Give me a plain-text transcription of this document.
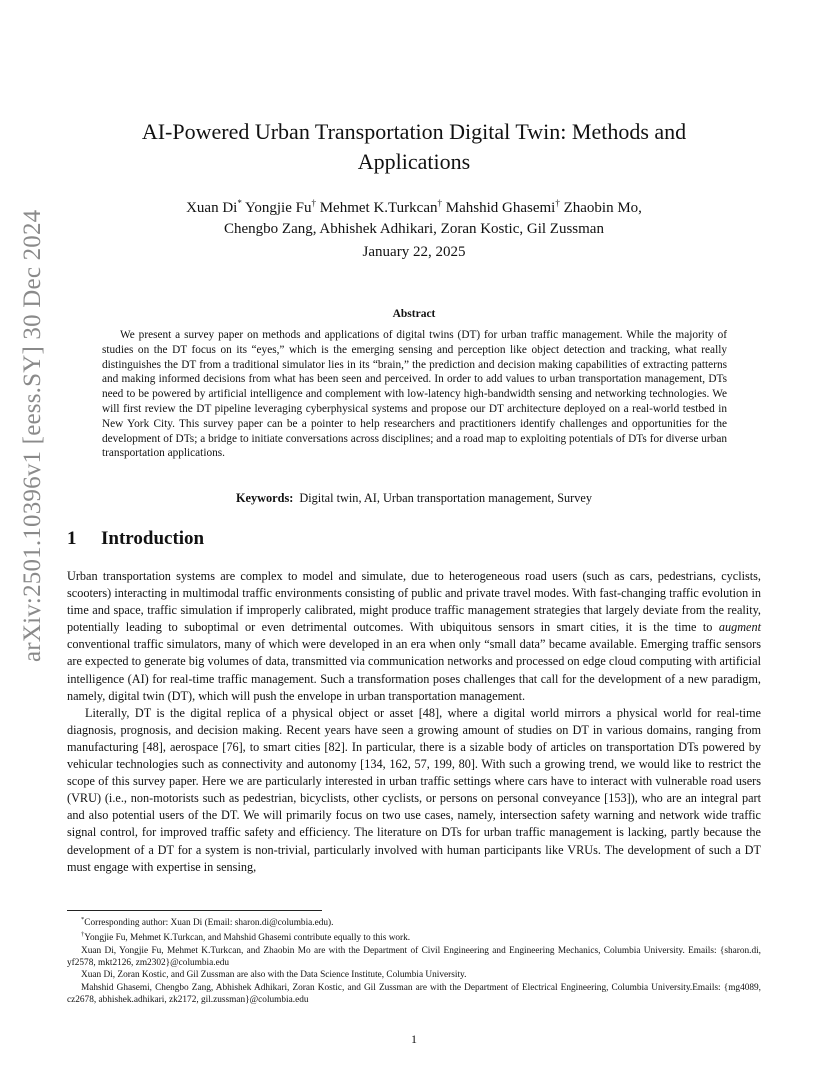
arXiv:2501.10396v1 [eess.SY] 30 Dec 2024
AI-Powered Urban Transportation Digital Twin: Methods and Applications
Xuan Di* Yongjie Fu† Mehmet K.Turkcan† Mahshid Ghasemi† Zhaobin Mo,
Chengbo Zang, Abhishek Adhikari, Zoran Kostic, Gil Zussman
January 22, 2025
Abstract
We present a survey paper on methods and applications of digital twins (DT) for urban traffic management. While the majority of studies on the DT focus on its “eyes,” which is the emerging sensing and perception like object detection and tracking, what really distinguishes the DT from a traditional simulator lies in its “brain,” the prediction and decision making capabilities of extracting patterns and making informed decisions from what has been seen and perceived. In order to add values to urban transportation management, DTs need to be powered by artificial intelligence and complement with low-latency high-bandwidth sensing and networking technologies. We will first review the DT pipeline leveraging cyberphysical systems and propose our DT architecture deployed on a real-world testbed in New York City. This survey paper can be a pointer to help researchers and practitioners identify challenges and opportunities for the development of DTs; a bridge to initiate conversations across disciplines; and a road map to exploiting potentials of DTs for diverse urban transportation applications.
Keywords: Digital twin, AI, Urban transportation management, Survey
1 Introduction

Urban transportation systems are complex to model and simulate, due to heterogeneous road users (such as cars, pedestrians, cyclists, scooters) interacting in multimodal traffic environments consisting of public and private travel modes. With fast-changing traffic evolution in time and space, traffic simulation if improperly calibrated, might produce traffic management strategies that largely deviate from the reality, potentially leading to suboptimal or even detrimental outcomes. With ubiquitous sensors in smart cities, it is the time to augment conventional traffic simulators, many of which were developed in an era when only “small data” became available. Emerging traffic sensors are expected to generate big volumes of data, transmitted via communication networks and processed on edge cloud computing with artificial intelligence (AI) for real-time traffic management. Such a transformation poses challenges that call for the development of a new paradigm, namely, digital twin (DT), which will push the envelope in urban transportation management.

Literally, DT is the digital replica of a physical object or asset [48], where a digital world mirrors a physical world for real-time diagnosis, prognosis, and decision making. Recent years have seen a growing amount of studies on DT in various domains, ranging from manufacturing [48], aerospace [76], to smart cities [82]. In particular, there is a sizable body of articles on transportation DTs powered by vehicular technologies such as connectivity and autonomy [134, 162, 57, 199, 80]. With such a growing trend, we would like to restrict the scope of this survey paper. Here we are particularly interested in urban traffic settings where cars have to interact with vulnerable road users (VRU) (i.e., non-motorists such as pedestrian, bicyclists, other cyclists, or persons on personal conveyance [153]), who are an integral part and also potential users of the DT. We will primarily focus on two use cases, namely, intersection safety warning and network wide traffic signal control, for improved traffic safety and efficiency. The literature on DTs for urban traffic management is lacking, partly because the development of a DT for a system is non-trivial, particularly involved with human participants like VRUs. The development of such a DT must engage with expertise in sensing,

*Corresponding author: Xuan Di (Email: sharon.di@columbia.edu).

†Yongjie Fu, Mehmet K.Turkcan, and Mahshid Ghasemi contribute equally to this work.

Xuan Di, Yongjie Fu, Mehmet K.Turkcan, and Zhaobin Mo are with the Department of Civil Engineering and Engineering Mechanics, Columbia University. Emails: {sharon.di, yf2578, mkt2126, zm2302}@columbia.edu

Xuan Di, Zoran Kostic, and Gil Zussman are also with the Data Science Institute, Columbia University.

Mahshid Ghasemi, Chengbo Zang, Abhishek Adhikari, Zoran Kostic, and Gil Zussman are with the Department of Electrical Engineering, Columbia University.Emails: {mg4089, cz2678, abhishek.adhikari, zk2172, gil.zussman}@columbia.edu

1
